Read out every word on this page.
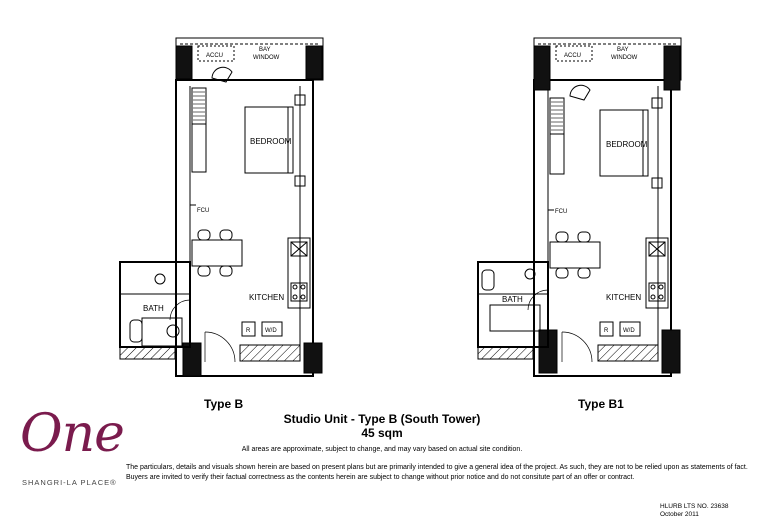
ACCU
BAY
WINDOW
BEDROOM
FCU
BATH
KITCHEN
R W/D
ACCU
BAY
WINDOW
BEDROOM
FCU
BATH	KITCHEN
R W/D
Type B	Type B1
Studio Unit - Type B (South Tower)
45 sqm
All areas are approximate, subject to change, and may vary based on actual site condition.
The particulars, details and visuals shown herein are based on present plans but are primarily intended to give a general idea of the project. As such, they are not to be relied upon as statements of fact. Buyers are invited to verify their factual correctness as the contents herein are subject to change without prior notice and do not consitute part of an offer or contract.
HLURB LTS NO. 23638
October 2011
One
SHANGRI-LA PLACE®
